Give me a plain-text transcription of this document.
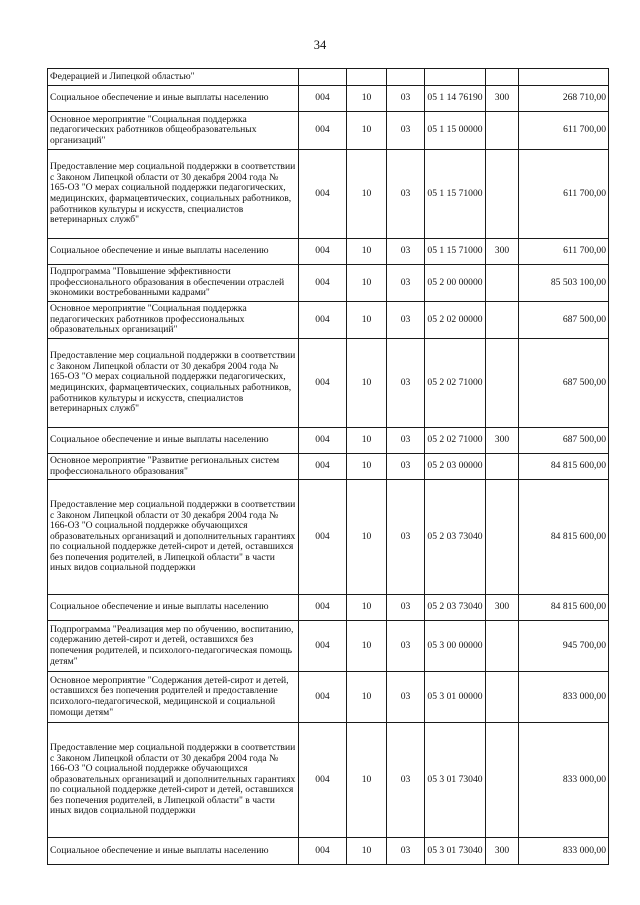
34
Федерацией и Липецкой областью"						
Социальное обеспечение и иные выплаты населению	004	10	03	05 1 14 76190	300	268 710,00
Основное мероприятие "Социальная поддержка педагогических работников общеобразовательных организаций"	004	10	03	05 1 15 00000		611 700,00
Предоставление мер социальной поддержки в соответствии с Законом Липецкой области от 30 декабря 2004 года № 165-ОЗ "О мерах социальной поддержки педагогических, медицинских, фармацевтических, социальных работников, работников культуры и искусств, специалистов ветеринарных служб"	004	10	03	05 1 15 71000		611 700,00
Социальное обеспечение и иные выплаты населению	004	10	03	05 1 15 71000	300	611 700,00
Подпрограмма "Повышение эффективности профессионального образования в обеспечении отраслей экономики востребованными кадрами"	004	10	03	05 2 00 00000		85 503 100,00
Основное мероприятие "Социальная поддержка педагогических работников профессиональных образовательных организаций"	004	10	03	05 2 02 00000		687 500,00
Предоставление мер социальной поддержки в соответствии с Законом Липецкой области от 30 декабря 2004 года № 165-ОЗ "О мерах социальной поддержки педагогических, медицинских, фармацевтических, социальных работников, работников культуры и искусств, специалистов ветеринарных служб"	004	10	03	05 2 02 71000		687 500,00
Социальное обеспечение и иные выплаты населению	004	10	03	05 2 02 71000	300	687 500,00
Основное мероприятие "Развитие региональных систем профессионального образования"	004	10	03	05 2 03 00000		84 815 600,00
Предоставление мер социальной поддержки в соответствии с Законом Липецкой области от 30 декабря 2004 года № 166-ОЗ "О социальной поддержке обучающихся образовательных организаций и дополнительных гарантиях по социальной поддержке детей-сирот и детей, оставшихся без попечения родителей, в Липецкой области" в части иных видов социальной поддержки	004	10	03	05 2 03 73040		84 815 600,00
Социальное обеспечение и иные выплаты населению	004	10	03	05 2 03 73040	300	84 815 600,00
Подпрограмма "Реализация мер по обучению, воспитанию, содержанию детей-сирот и детей, оставшихся без попечения родителей, и психолого-педагогическая помощь детям"	004	10	03	05 3 00 00000		945 700,00
Основное мероприятие "Содержания детей-сирот и детей, оставшихся без попечения родителей и предоставление психолого-педагогической, медицинской и социальной помощи детям"	004	10	03	05 3 01 00000		833 000,00
Предоставление мер социальной поддержки в соответствии с Законом Липецкой области от 30 декабря 2004 года № 166-ОЗ "О социальной поддержке обучающихся образовательных организаций и дополнительных гарантиях по социальной поддержке детей-сирот и детей, оставшихся без попечения родителей, в Липецкой области" в части иных видов социальной поддержки	004	10	03	05 3 01 73040		833 000,00
Социальное обеспечение и иные выплаты населению	004	10	03	05 3 01 73040	300	833 000,00
